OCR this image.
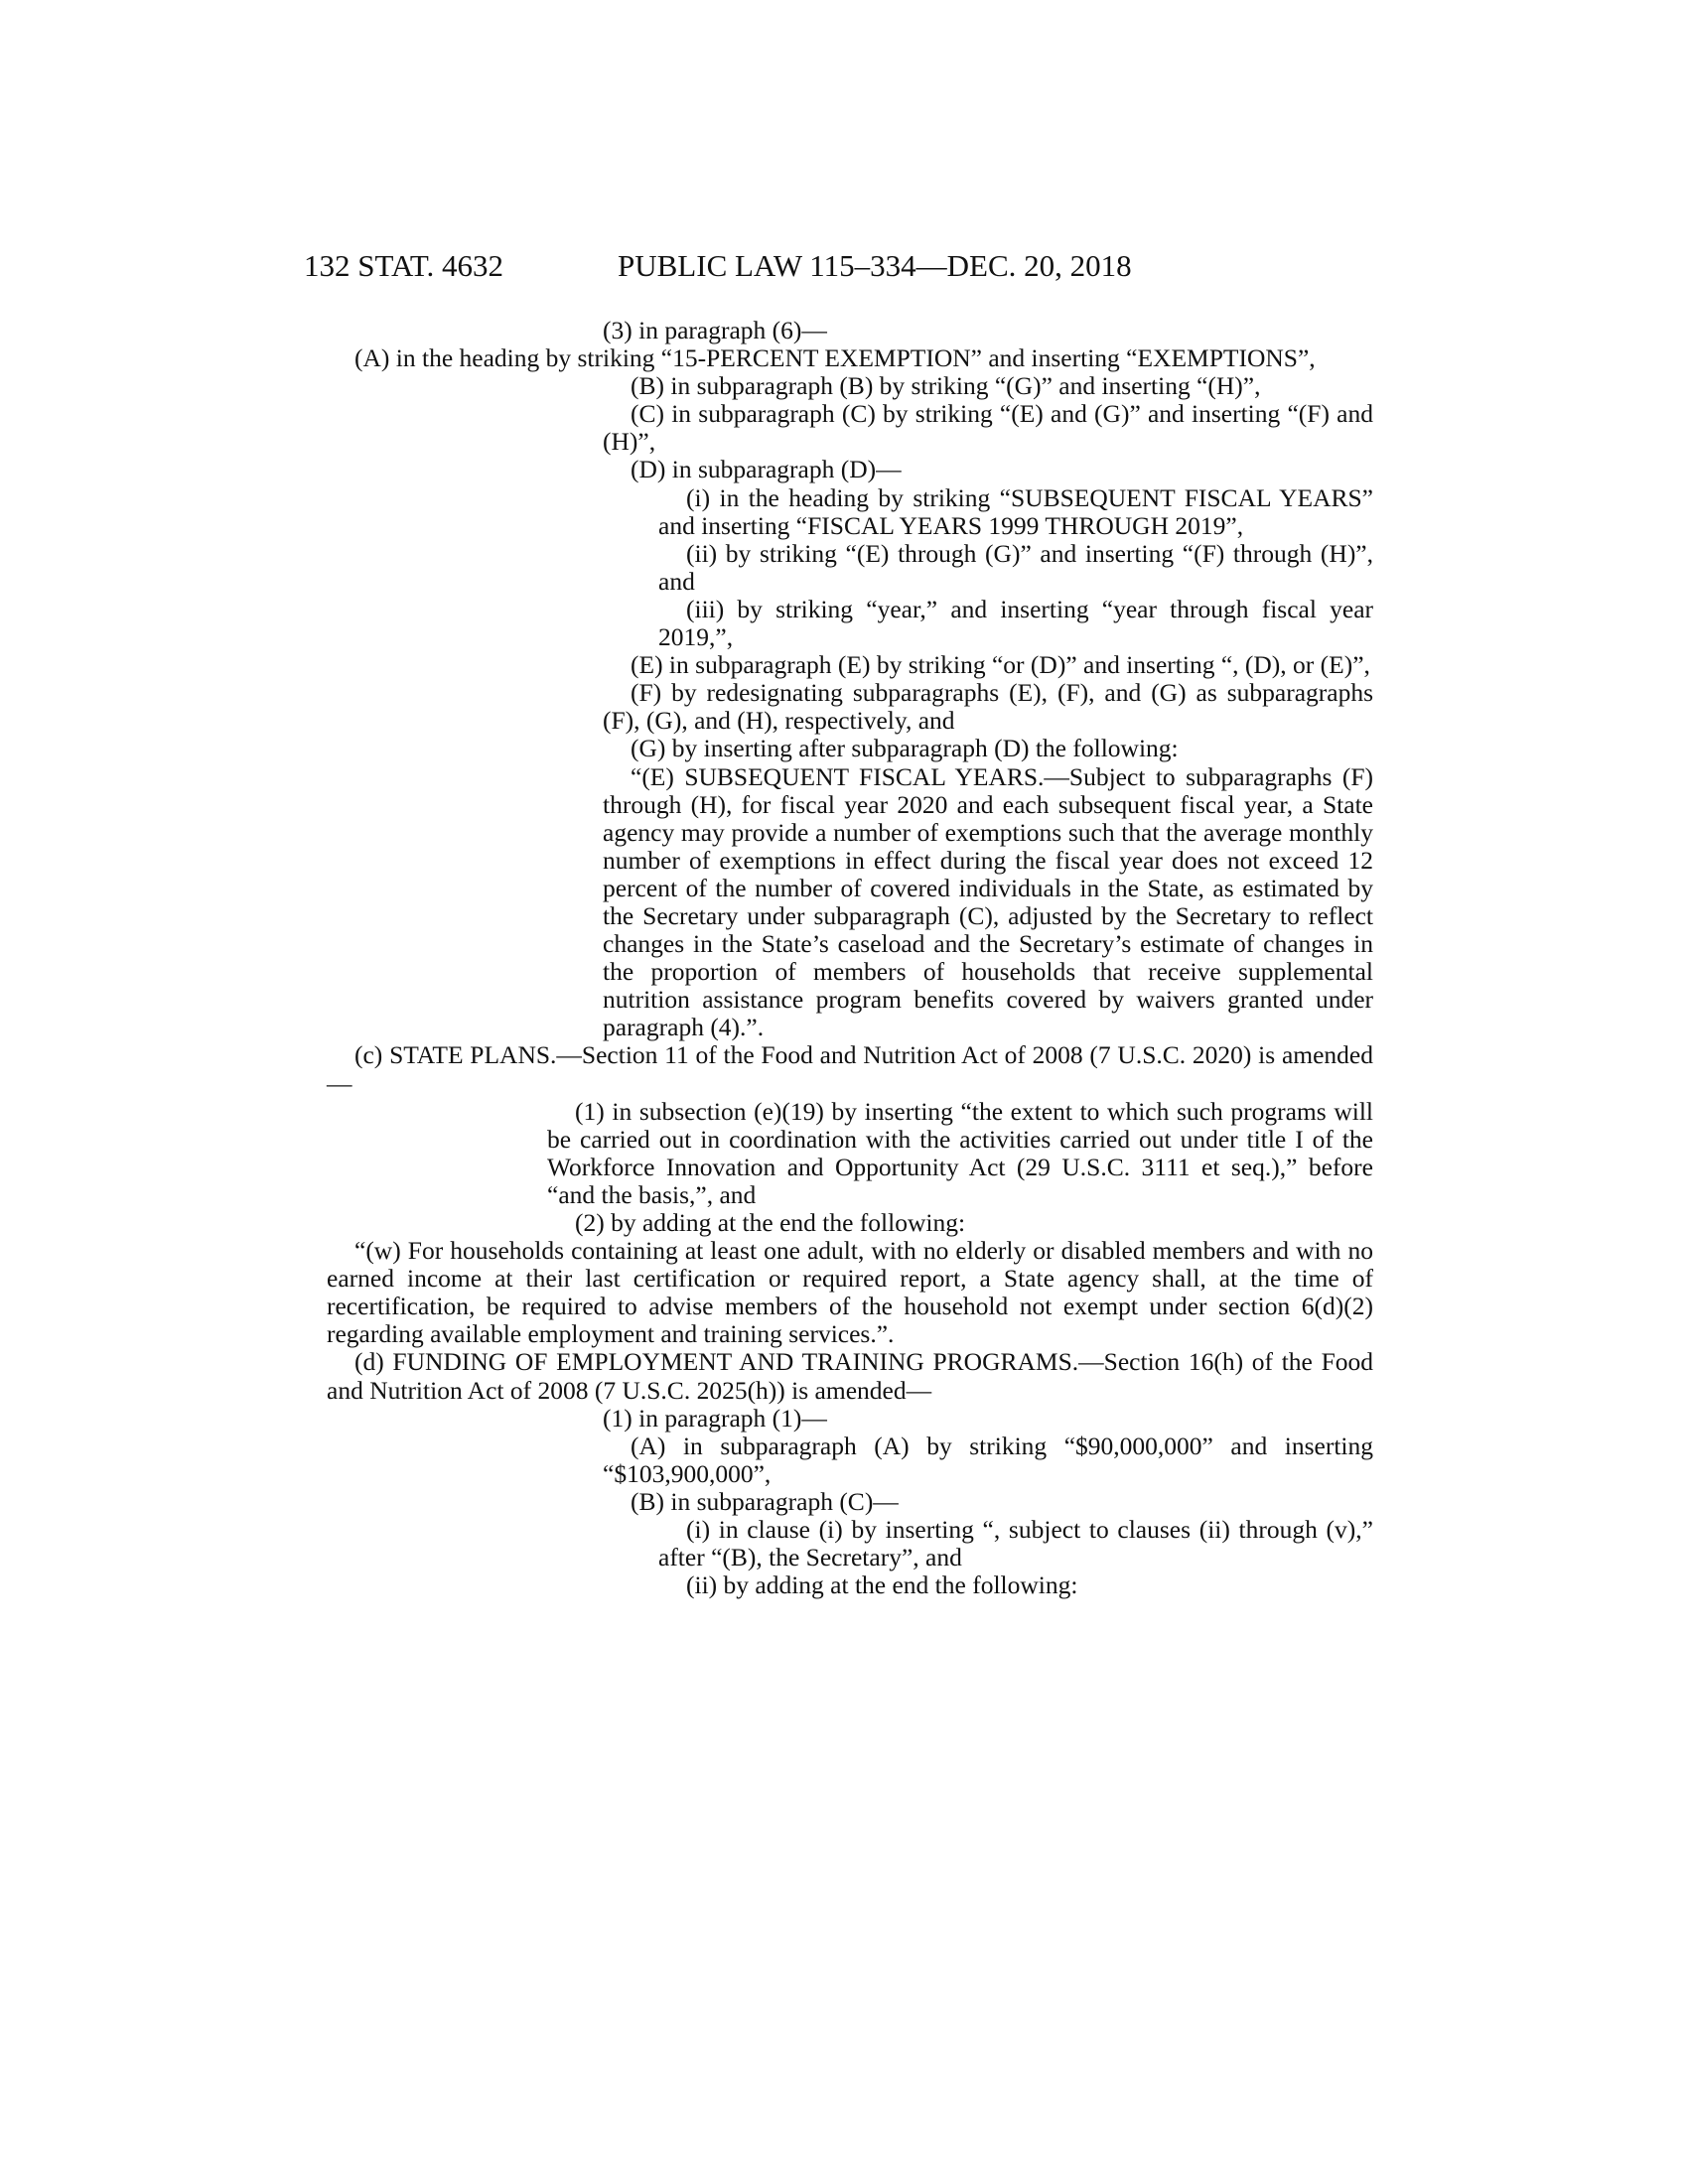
132 STAT. 4632	PUBLIC LAW 115–334—DEC. 20, 2018

(3) in paragraph (6)—

(A) in the heading by striking “15-PERCENT EXEMPTION” and inserting “EXEMPTIONS”,

(B) in subparagraph (B) by striking “(G)” and inserting “(H)”,

(C) in subparagraph (C) by striking “(E) and (G)” and inserting “(F) and (H)”,

(D) in subparagraph (D)—

(i) in the heading by striking “SUBSEQUENT FISCAL YEARS” and inserting “FISCAL YEARS 1999 THROUGH 2019”,

(ii) by striking “(E) through (G)” and inserting “(F) through (H)”, and

(iii) by striking “year,” and inserting “year through fiscal year 2019,”,

(E) in subparagraph (E) by striking “or (D)” and inserting “, (D), or (E)”,

(F) by redesignating subparagraphs (E), (F), and (G) as subparagraphs (F), (G), and (H), respectively, and

(G) by inserting after subparagraph (D) the following:

“(E) SUBSEQUENT FISCAL YEARS.—Subject to subparagraphs (F) through (H), for fiscal year 2020 and each subsequent fiscal year, a State agency may provide a number of exemptions such that the average monthly number of exemptions in effect during the fiscal year does not exceed 12 percent of the number of covered individuals in the State, as estimated by the Secretary under subparagraph (C), adjusted by the Secretary to reflect changes in the State’s caseload and the Secretary’s estimate of changes in the proportion of members of households that receive supplemental nutrition assistance program benefits covered by waivers granted under paragraph (4).”.

(c) STATE PLANS.—Section 11 of the Food and Nutrition Act of 2008 (7 U.S.C. 2020) is amended—

(1) in subsection (e)(19) by inserting “the extent to which such programs will be carried out in coordination with the activities carried out under title I of the Workforce Innovation and Opportunity Act (29 U.S.C. 3111 et seq.),” before “and the basis,”, and

(2) by adding at the end the following:

“(w) For households containing at least one adult, with no elderly or disabled members and with no earned income at their last certification or required report, a State agency shall, at the time of recertification, be required to advise members of the household not exempt under section 6(d)(2) regarding available employment and training services.”.

(d) FUNDING OF EMPLOYMENT AND TRAINING PROGRAMS.—Section 16(h) of the Food and Nutrition Act of 2008 (7 U.S.C. 2025(h)) is amended—

(1) in paragraph (1)—

(A) in subparagraph (A) by striking “$90,000,000” and inserting “$103,900,000”,

(B) in subparagraph (C)—

(i) in clause (i) by inserting “, subject to clauses (ii) through (v),” after “(B), the Secretary”, and

(ii) by adding at the end the following:
